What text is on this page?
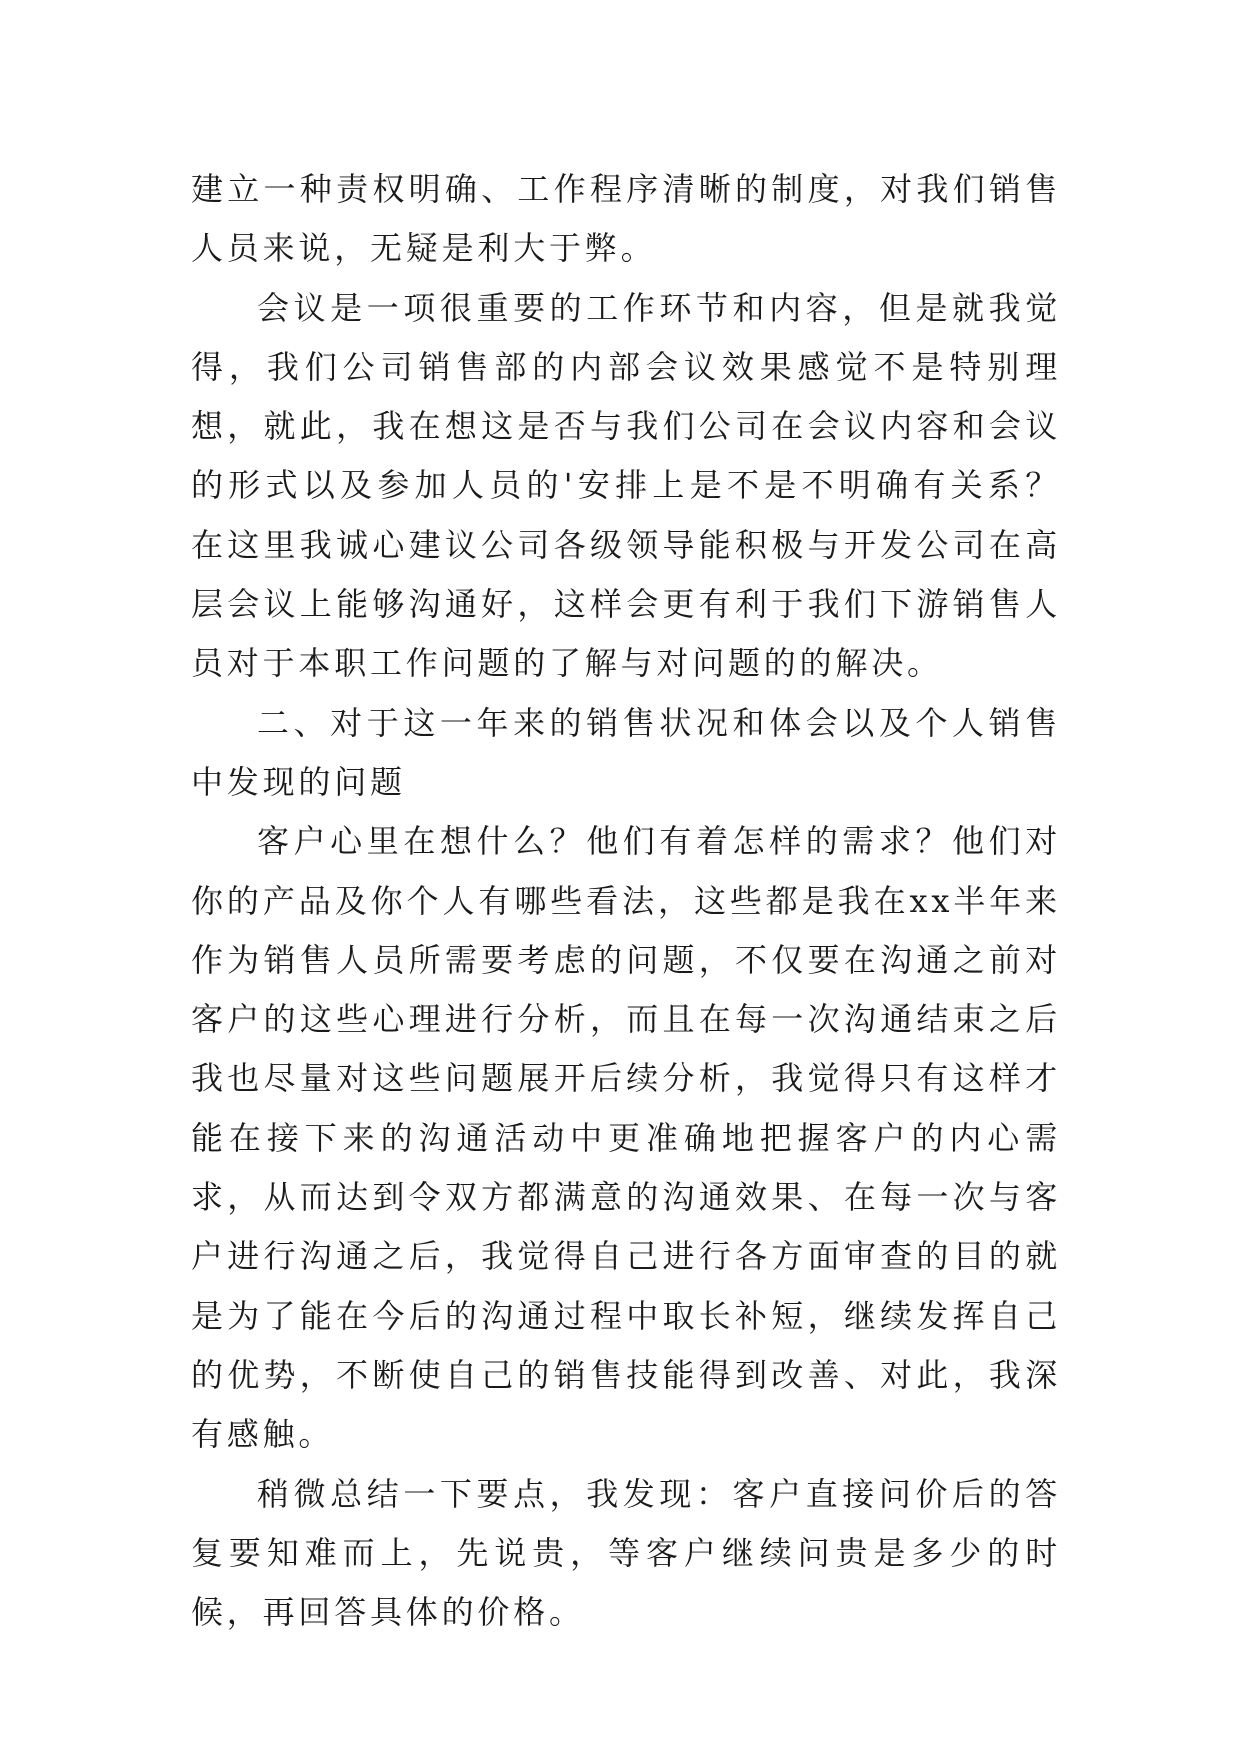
建立一种责权明确、工作程序清晰的制度，对我们销售人员来说，无疑是利大于弊。

会议是一项很重要的工作环节和内容，但是就我觉得，我们公司销售部的内部会议效果感觉不是特别理想，就此，我在想这是否与我们公司在会议内容和会议的形式以及参加人员的'安排上是不是不明确有关系？在这里我诚心建议公司各级领导能积极与开发公司在高层会议上能够沟通好，这样会更有利于我们下游销售人员对于本职工作问题的了解与对问题的的解决。

二、对于这一年来的销售状况和体会以及个人销售中发现的问题

客户心里在想什么？他们有着怎样的需求？他们对你的产品及你个人有哪些看法，这些都是我在xx半年来作为销售人员所需要考虑的问题，不仅要在沟通之前对客户的这些心理进行分析，而且在每一次沟通结束之后我也尽量对这些问题展开后续分析，我觉得只有这样才能在接下来的沟通活动中更准确地把握客户的内心需求，从而达到令双方都满意的沟通效果、在每一次与客户进行沟通之后，我觉得自己进行各方面审查的目的就是为了能在今后的沟通过程中取长补短，继续发挥自己的优势，不断使自己的销售技能得到改善、对此，我深有感触。

稍微总结一下要点，我发现：客户直接问价后的答复要知难而上，先说贵，等客户继续问贵是多少的时候，再回答具体的价格。
